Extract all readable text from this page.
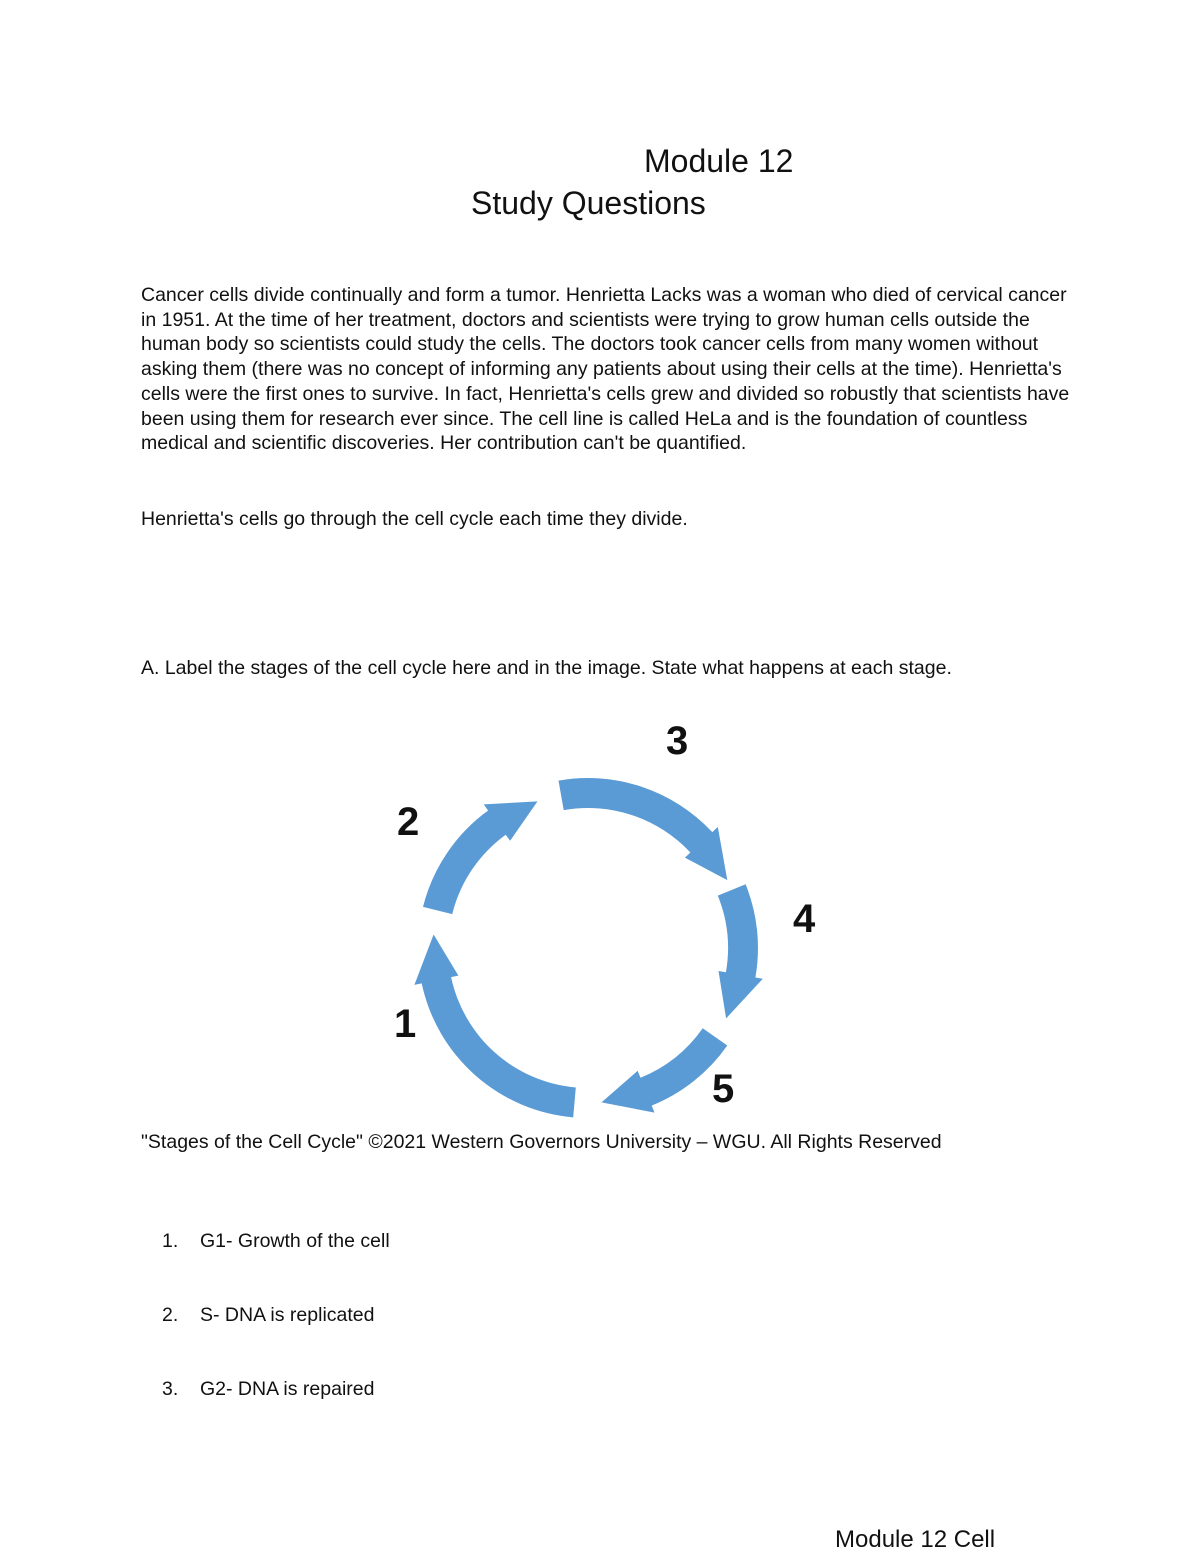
Module 12
Study Questions
Cancer cells divide continually and form a tumor. Henrietta Lacks was a woman who died of cervical cancer in 1951. At the time of her treatment, doctors and scientists were trying to grow human cells outside the human body so scientists could study the cells. The doctors took cancer cells from many women without asking them (there was no concept of informing any patients about using their cells at the time). Henrietta's cells were the first ones to survive. In fact, Henrietta's cells grew and divided so robustly that scientists have been using them for research ever since. The cell line is called HeLa and is the foundation of countless medical and scientific discoveries. Her contribution can't be quantified.
Henrietta's cells go through the cell cycle each time they divide.
A. Label the stages of the cell cycle here and in the image. State what happens at each stage.
1
2
3
4
5
"Stages of the Cell Cycle" ©2021 Western Governors University – WGU. All Rights Reserved
1. G1- Growth of the cell
2. S- DNA is replicated
3. G2- DNA is repaired
Module 12 Cell
